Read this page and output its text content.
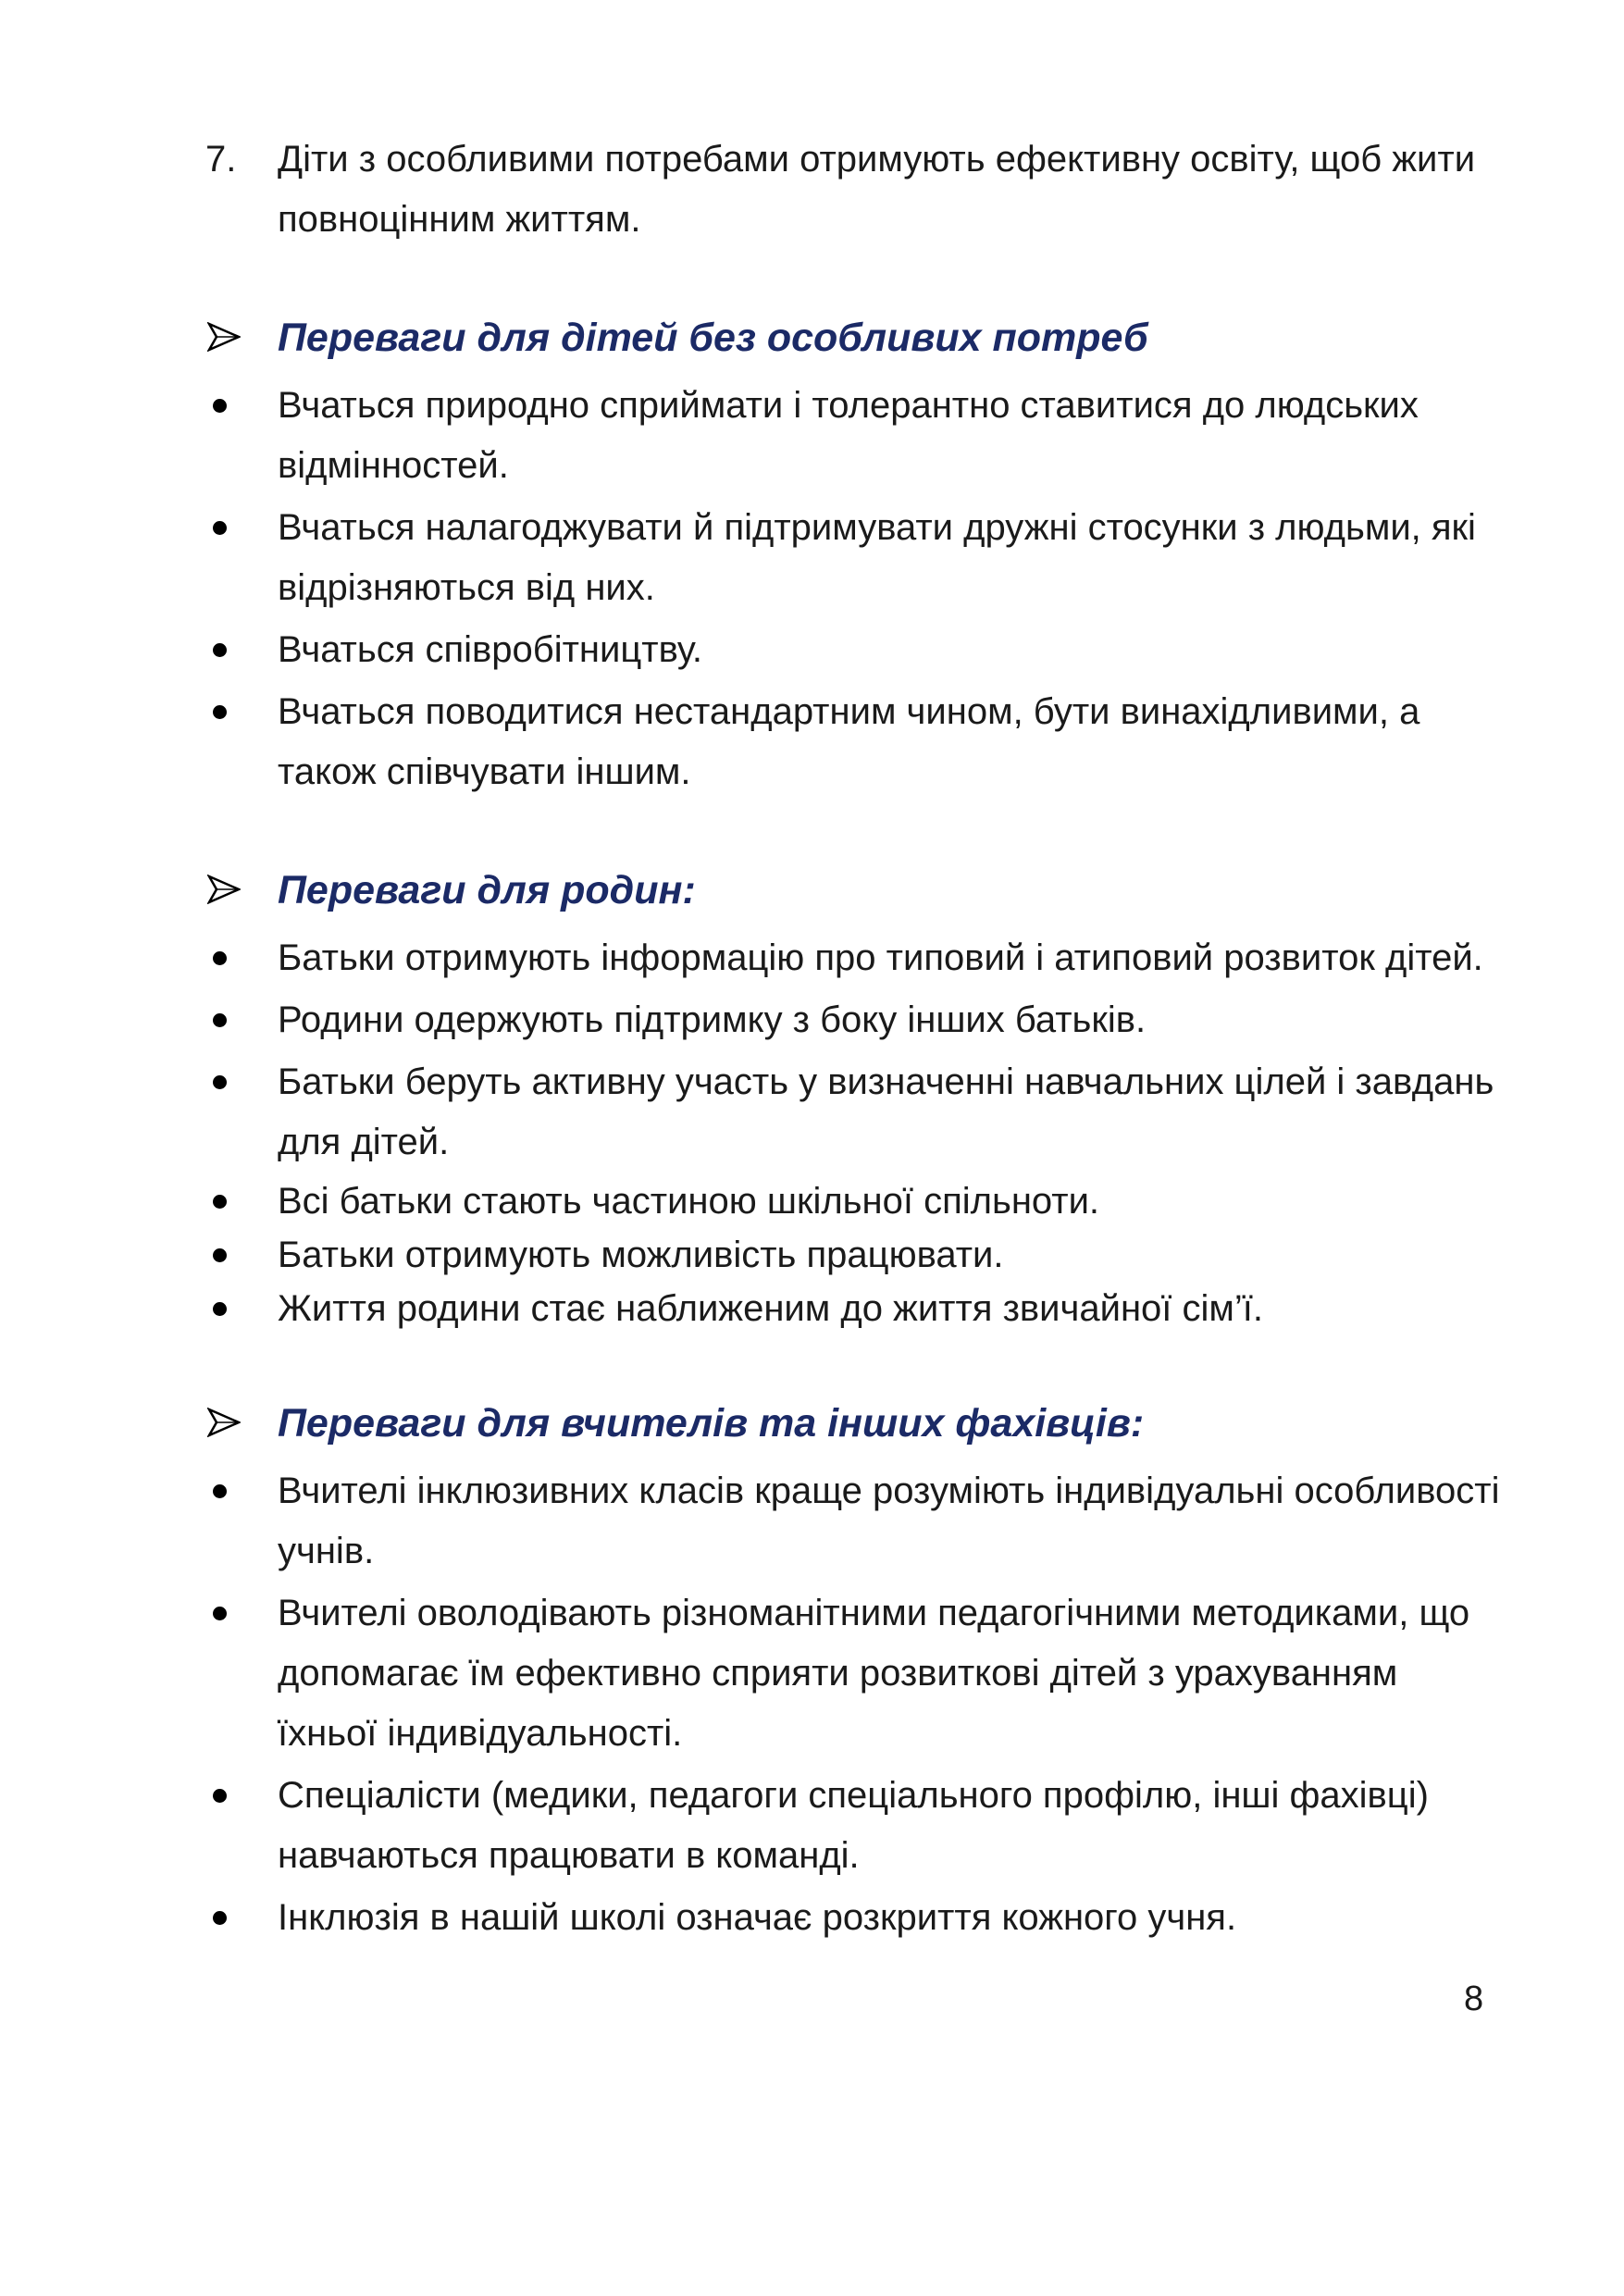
7.	Діти з особливими потребами отримують ефективну освіту, щоб жити повноцінним життям.
Переваги для дітей без особливих потреб
Вчаться природно сприймати і толерантно ставитися до людських відмінностей.
Вчаться налагоджувати й підтримувати дружні стосунки з людьми, які відрізняються від них.
Вчаться співробітництву.
Вчаться поводитися нестандартним чином, бути винахідливими, а також співчувати іншим.
Переваги для родин:
Батьки отримують інформацію про типовий і атиповий розвиток дітей.
Родини одержують підтримку з боку інших батьків.
Батьки беруть активну участь у визначенні навчальних цілей і завдань для дітей.
Всі батьки стають частиною шкільної спільноти.
Батьки отримують можливість працювати.
Життя родини стає наближеним до життя звичайної сім’ї.
Переваги для вчителів та інших фахівців:
Вчителі інклюзивних класів краще розуміють індивідуальні особливості учнів.
Вчителі оволодівають різноманітними педагогічними методиками, що допомагає їм ефективно сприяти розвиткові дітей з урахуванням їхньої індивідуальності.
Спеціалісти (медики, педагоги спеціального профілю, інші фахівці) навчаються працювати в команді.
Інклюзія в нашій школі означає розкриття кожного учня.
8
